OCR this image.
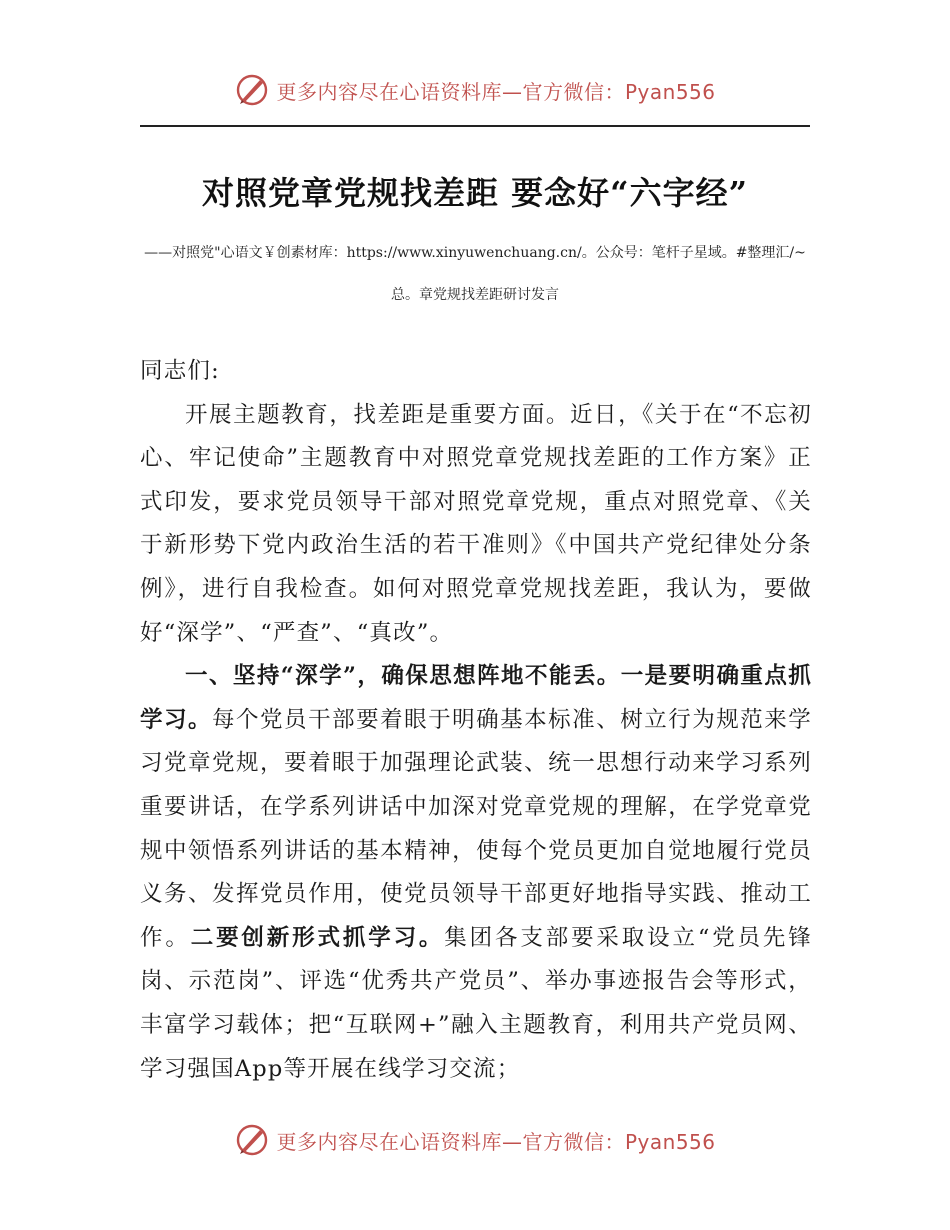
更多内容尽在心语资料库—官方微信：Pyan556
对照党章党规找差距 要念好“六字经”
——对照党"心语文￥创素材库：https://www.xinyuwenchuang.cn/。公众号：笔杆子星域。#整理汇/~总。章党规找差距研讨发言

同志们:

开展主题教育，找差距是重要方面。近日，《关于在“不忘初心、牢记使命”主题教育中对照党章党规找差距的工作方案》正式印发，要求党员领导干部对照党章党规，重点对照党章、《关于新形势下党内政治生活的若干准则》《中国共产党纪律处分条例》，进行自我检查。如何对照党章党规找差距，我认为，要做好“深学”、“严查”、“真改”。

一、坚持“深学”，确保思想阵地不能丢。一是要明确重点抓学习。每个党员干部要着眼于明确基本标准、树立行为规范来学习党章党规，要着眼于加强理论武装、统一思想行动来学习系列重要讲话，在学系列讲话中加深对党章党规的理解，在学党章党规中领悟系列讲话的基本精神，使每个党员更加自觉地履行党员义务、发挥党员作用，使党员领导干部更好地指导实践、推动工作。二要创新形式抓学习。集团各支部要采取设立“党员先锋岗、示范岗”、评选“优秀共产党员”、举办事迹报告会等形式，丰富学习载体；把“互联网+”融入主题教育，利用共产党员网、学习强国App等开展在线学习交流；

更多内容尽在心语资料库—官方微信：Pyan556
